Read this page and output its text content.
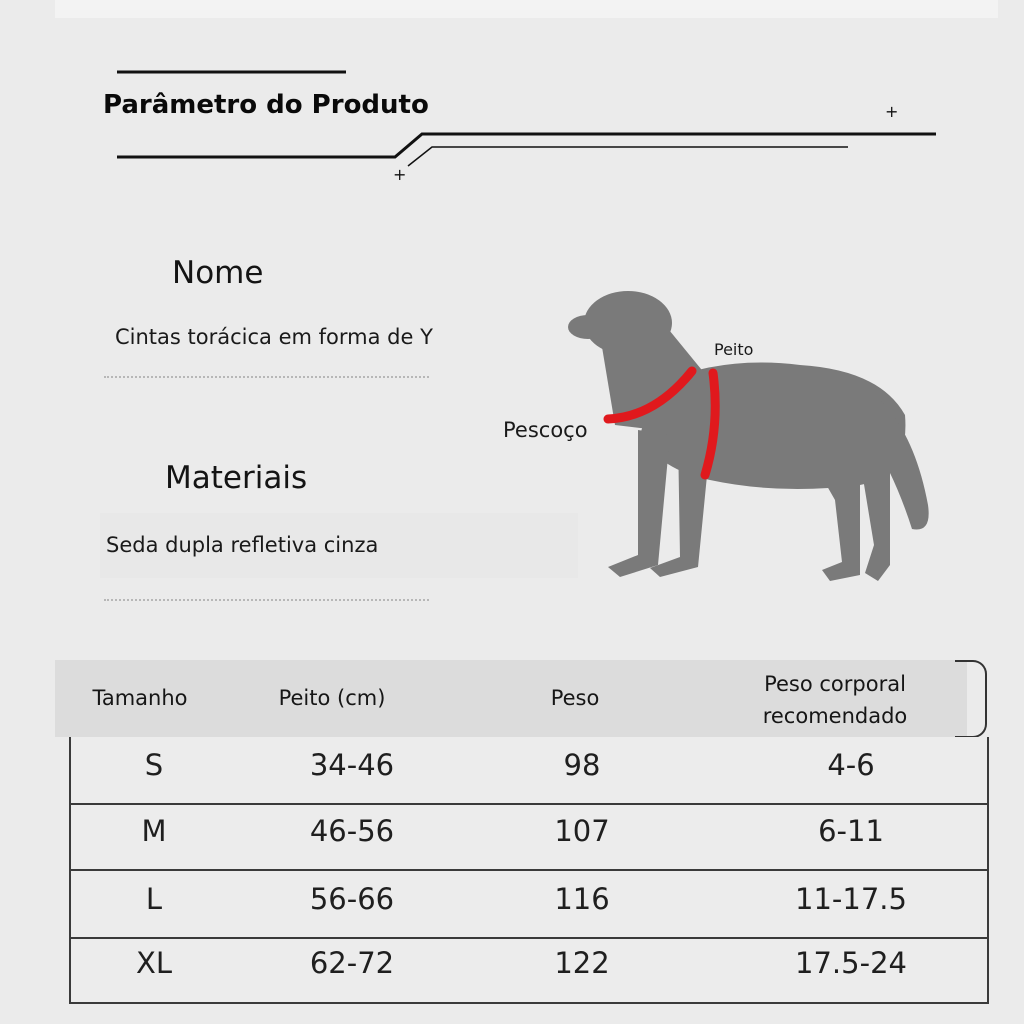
+
+
Parâmetro do Produto
Nome
Cintas torácica em forma de Y
Materiais
Seda dupla refletiva cinza
Peito
Pescoço
Tamanho	Peito (cm)	Peso
Peso corporal
recomendado
S	34-46	98	4-6
M	46-56	107	6-11
L	56-66	116	11-17.5
XL	62-72	122	17.5-24
